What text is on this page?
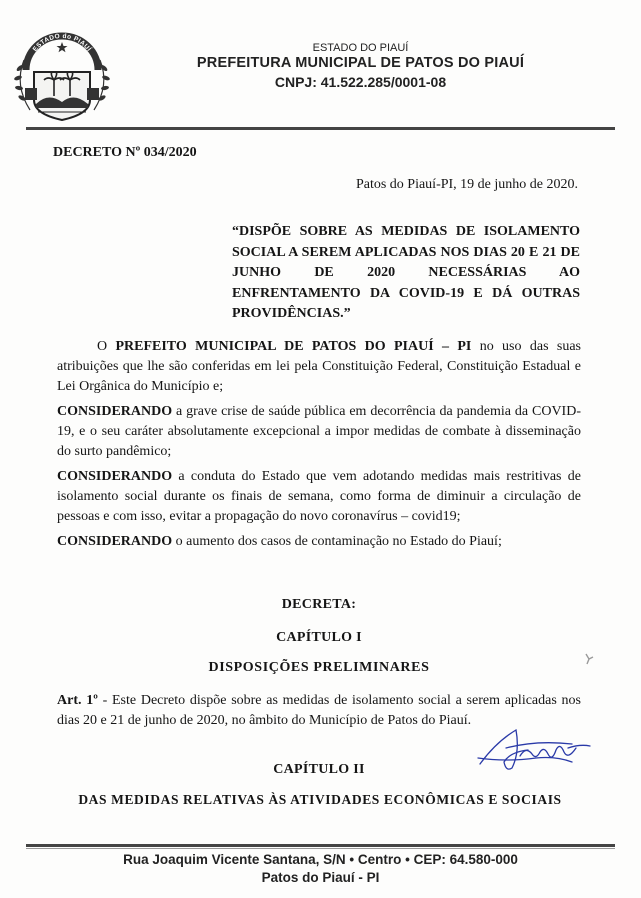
ESTADO do PIAUÍ	ESTADO DO PIAUÍ
PREFEITURA MUNICIPAL DE PATOS DO PIAUÍ
CNPJ: 41.522.285/0001-08
DECRETO Nº 034/2020
Patos do Piauí-PI, 19 de junho de 2020.
“DISPÕE SOBRE AS MEDIDAS DE ISOLAMENTO SOCIAL A SEREM APLICADAS NOS DIAS 20 E 21 DE JUNHO DE 2020 NECESSÁRIAS AO ENFRENTAMENTO DA COVID-19 E DÁ OUTRAS PROVIDÊNCIAS.”
O PREFEITO MUNICIPAL DE PATOS DO PIAUÍ – PI no uso das suas atribuições que lhe são conferidas em lei pela Constituição Federal, Constituição Estadual e Lei Orgânica do Município e;
CONSIDERANDO a grave crise de saúde pública em decorrência da pandemia da COVID-19, e o seu caráter absolutamente excepcional a impor medidas de combate à disseminação do surto pandêmico;
CONSIDERANDO a conduta do Estado que vem adotando medidas mais restritivas de isolamento social durante os finais de semana, como forma de diminuir a circulação de pessoas e com isso, evitar a propagação do novo coronavírus – covid19;
CONSIDERANDO o aumento dos casos de contaminação no Estado do Piauí;
DECRETA:
CAPÍTULO I
DISPOSIÇÕES PRELIMINARES
Art. 1º - Este Decreto dispõe sobre as medidas de isolamento social a serem aplicadas nos dias 20 e 21 de junho de 2020, no âmbito do Município de Patos do Piauí.
CAPÍTULO II
DAS MEDIDAS RELATIVAS ÀS ATIVIDADES ECONÔMICAS E SOCIAIS
Rua Joaquim Vicente Santana, S/N • Centro • CEP: 64.580-000
Patos do Piauí - PI
